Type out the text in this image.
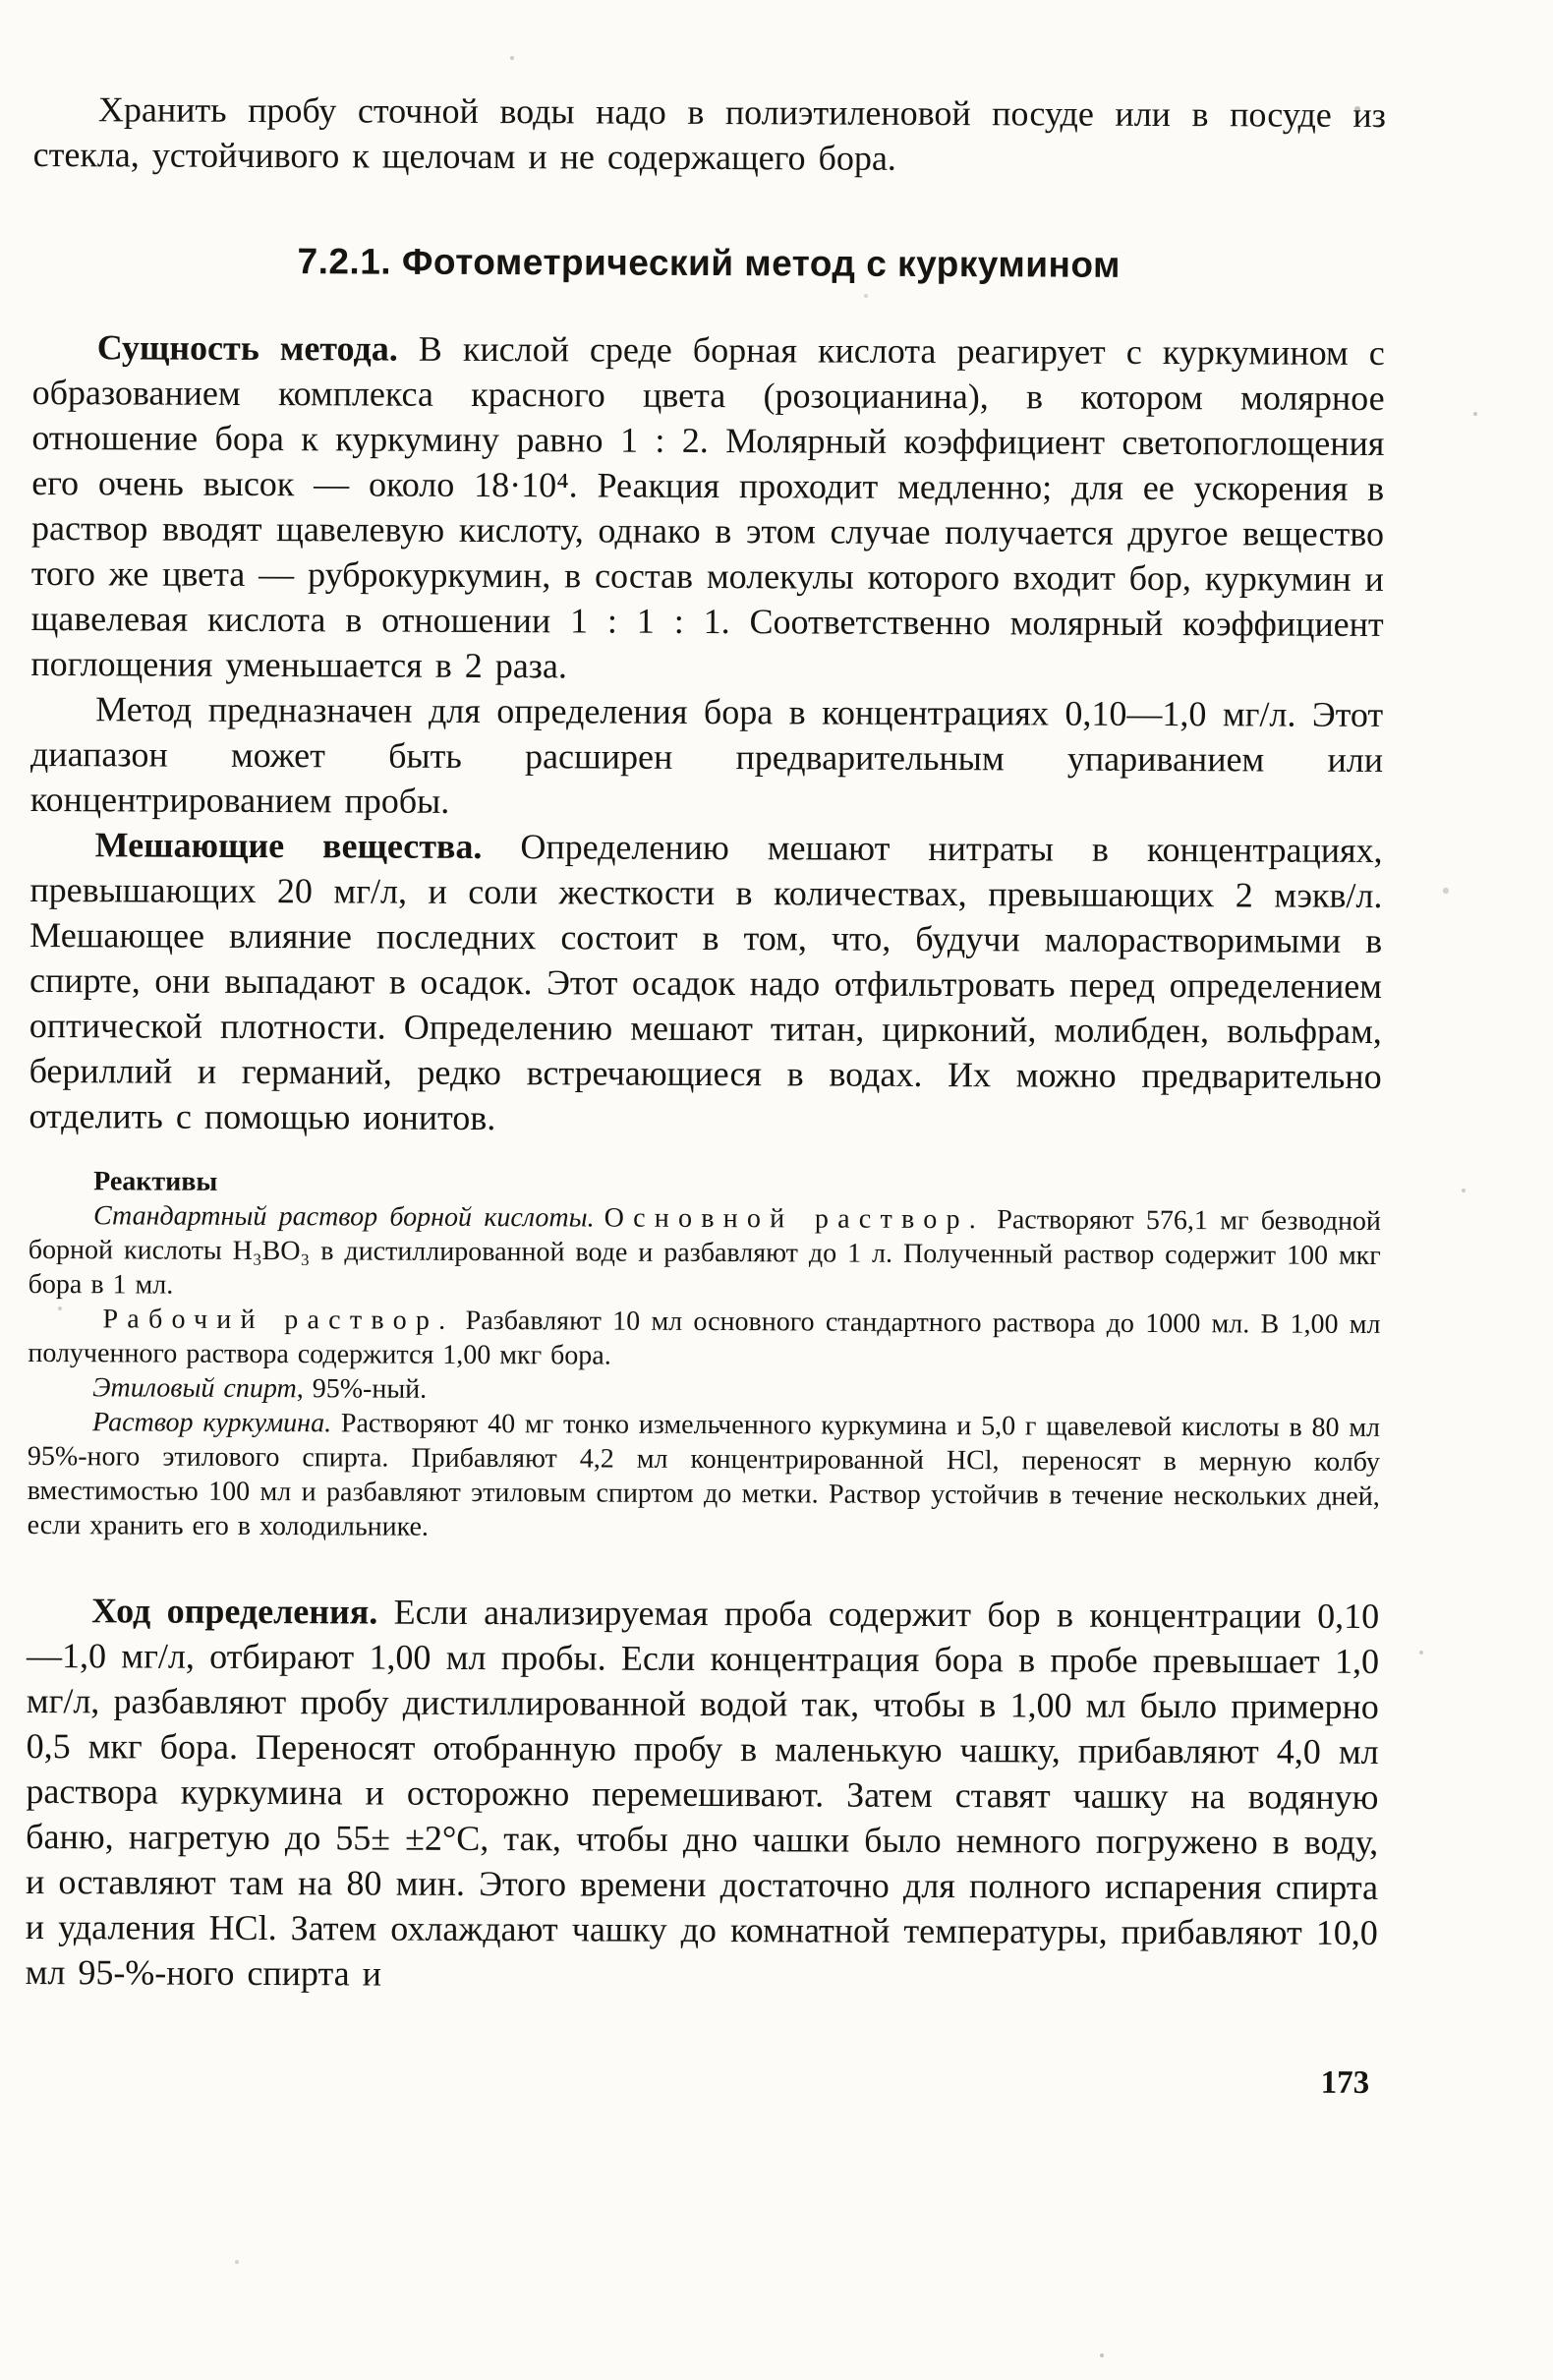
Хранить пробу сточной воды надо в полиэтиленовой посуде или в посуде из стекла, устойчивого к щелочам и не содержащего бора.

7.2.1. Фотометрический метод с куркумином

Сущность метода. В кислой среде борная кислота реагирует с куркумином с образованием комплекса красного цвета (розоцианина), в котором молярное отношение бора к куркумину равно 1 : 2. Молярный коэффициент светопоглощения его очень высок — около 18·10⁴. Реакция проходит медленно; для ее ускорения в раствор вводят щавелевую кислоту, однако в этом случае получается другое вещество того же цвета — руброкуркумин, в состав молекулы которого входит бор, куркумин и щавелевая кислота в отношении 1 : 1 : 1. Соответственно молярный коэффициент поглощения уменьшается в 2 раза.

Метод предназначен для определения бора в концентрациях 0,10—1,0 мг/л. Этот диапазон может быть расширен предварительным упариванием или концентрированием пробы.

Мешающие вещества. Определению мешают нитраты в концентрациях, превышающих 20 мг/л, и соли жесткости в количествах, превышающих 2 мэкв/л. Мешающее влияние последних состоит в том, что, будучи малорастворимыми в спирте, они выпадают в осадок. Этот осадок надо отфильтровать перед определением оптической плотности. Определению мешают титан, цирконий, молибден, вольфрам, бериллий и германий, редко встречающиеся в водах. Их можно предварительно отделить с помощью ионитов.

Реактивы

Стандартный раствор борной кислоты. Основной раствор. Растворяют 576,1 мг безводной борной кислоты H₃BO₃ в дистиллированной воде и разбавляют до 1 л. Полученный раствор содержит 100 мкг бора в 1 мл.

Рабочий раствор. Разбавляют 10 мл основного стандартного раствора до 1000 мл. В 1,00 мл полученного раствора содержится 1,00 мкг бора.

Этиловый спирт, 95%-ный.

Раствор куркумина. Растворяют 40 мг тонко измельченного куркумина и 5,0 г щавелевой кислоты в 80 мл 95%-ного этилового спирта. Прибавляют 4,2 мл концентрированной HCl, переносят в мерную колбу вместимостью 100 мл и разбавляют этиловым спиртом до метки. Раствор устойчив в течение нескольких дней, если хранить его в холодильнике.

Ход определения. Если анализируемая проба содержит бор в концентрации 0,10—1,0 мг/л, отбирают 1,00 мл пробы. Если концентрация бора в пробе превышает 1,0 мг/л, разбавляют пробу дистиллированной водой так, чтобы в 1,00 мл было примерно 0,5 мкг бора. Переносят отобранную пробу в маленькую чашку, прибавляют 4,0 мл раствора куркумина и осторожно перемешивают. Затем ставят чашку на водяную баню, нагретую до 55± ±2°С, так, чтобы дно чашки было немного погружено в воду, и оставляют там на 80 мин. Этого времени достаточно для полного испарения спирта и удаления HCl. Затем охлаждают чашку до комнатной температуры, прибавляют 10,0 мл 95-%-ного спирта и

173
